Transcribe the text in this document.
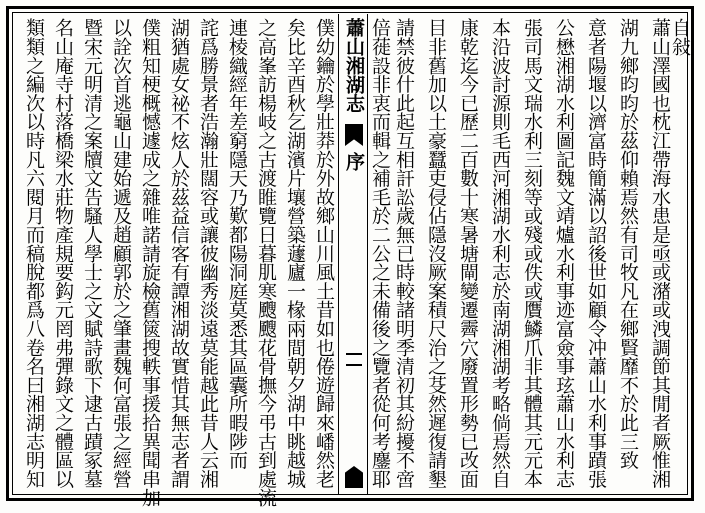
自敍
蕭山澤國也枕江帶海水患是亟或潴或洩調節其閒者厥惟湘
湖九鄉昀昀於茲仰賴焉然有司牧凡在鄉賢靡不於此三致
意者陽堰以濟富時簡滿以詔後世如顧令冲蕭山水利事蹟張
公懋湘湖水利圖記魏文靖爐水利事迹富僉事玹蕭山水利志
張司馬文瑞水利三刻等或殘或佚或贋鱗爪非其體其元元本
本沿波討源則毛西河湘湖水利志於南湖湘湖考略倘焉然自
康乾迄今已歷二百數十寒暑塘閘變遷霽穴廢置形勢已改面
目非舊加以土豪蠶吏侵佔隱沒厥案積尺治之芟然遲復請墾
請禁彼什此起互相訐訟歲無已時較諸明季清初其紛擾不啻
倍蓰設非衷而輯之補毛於二公之未備後之覽者從何考鏖耶
蕭山湘湖志
序
僕幼鑰於學壯莽於外故鄉山川風土昔如也倦遊歸來嶓然老
矣比辛酉秋乞湖濱片壤營築蘧廬一椽兩間朝夕湖中眺越城
之高峯訪楊岐之古渡睢覽日暮肌寒颼颼花骨撫今弔古到處流
連棱織經年差窮隱天乃歎都陽洞庭莫悉其區囊所暇陟而
詫爲勝景者浩瀚壯闊容或讓彼幽秀淡遠莫能越此昔人云湘
湖猶處女祕不炫人於茲益信客有譚湘湖故實惜其無志者謂
僕粗知梗概憾遽成之雜唯諾請旋檢舊篋搜軼事援拾異聞串加
以詮次首逃龜山建始遞及趙顧郭於之肇畫魏何富張之經營
暨宋元明清之案牘文告騷人學士之文賦詩歌下逮古蹟冢墓
名山庵寺村落橋梁水莊物產規要鈎元罔弗彈錄文之體區以
類類之編次以時凡六閱月而稿脫都爲八卷名曰湘湖志明知
